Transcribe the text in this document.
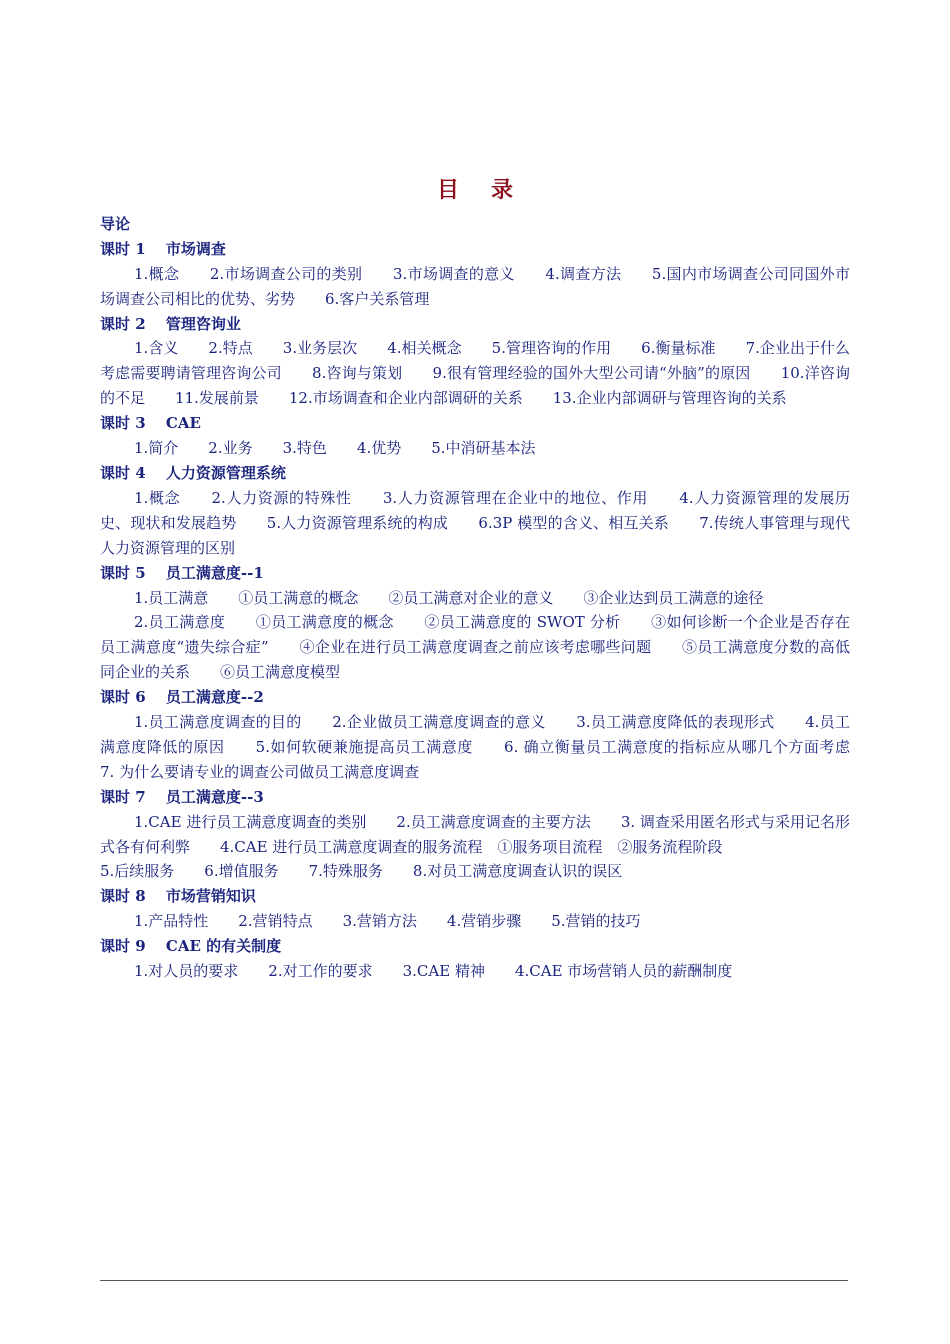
目录
导论
课时 1　 市场调查
1.概念　　2.市场调查公司的类别　　3.市场调查的意义　　4.调查方法　　5.国内市场调查公司同国外市场调查公司相比的优势、劣势　　6.客户关系管理
课时 2　 管理咨询业
1.含义　　2.特点　　3.业务层次　　4.相关概念　　5.管理咨询的作用　　6.衡量标准　　7.企业出于什么考虑需要聘请管理咨询公司　　8.咨询与策划　　9.很有管理经验的国外大型公司请“外脑”的原因　　10.洋咨询的不足　　11.发展前景　　12.市场调查和企业内部调研的关系　　13.企业内部调研与管理咨询的关系
课时 3　 CAE
1.简介　　2.业务　　3.特色　　4.优势　　5.中消研基本法
课时 4　 人力资源管理系统
1.概念　　2.人力资源的特殊性　　3.人力资源管理在企业中的地位、作用　　4.人力资源管理的发展历史、现状和发展趋势　　5.人力资源管理系统的构成　　6.3P 模型的含义、相互关系　　7.传统人事管理与现代人力资源管理的区别
课时 5　 员工满意度--1
1.员工满意　　①员工满意的概念　　②员工满意对企业的意义　　③企业达到员工满意的途径
2.员工满意度　　①员工满意度的概念　　②员工满意度的 SWOT 分析　　③如何诊断一个企业是否存在员工满意度“遗失综合症”　　④企业在进行员工满意度调查之前应该考虑哪些问题　　⑤员工满意度分数的高低同企业的关系　　⑥员工满意度模型
课时 6　 员工满意度--2
1.员工满意度调查的目的　　2.企业做员工满意度调查的意义　　3.员工满意度降低的表现形式　　4.员工满意度降低的原因　　5.如何软硬兼施提高员工满意度　　6. 确立衡量员工满意度的指标应从哪几个方面考虑　 7. 为什么要请专业的调查公司做员工满意度调查
课时 7　 员工满意度--3
1.CAE 进行员工满意度调查的类别　　2.员工满意度调查的主要方法　　3. 调查采用匿名形式与采用记名形式各有何利弊　　4.CAE 进行员工满意度调查的服务流程　①服务项目流程　②服务流程阶段
5.后续服务　　6.增值服务　　7.特殊服务　　8.对员工满意度调查认识的误区
课时 8　 市场营销知识
1.产品特性　　2.营销特点　　3.营销方法　　4.营销步骤　　5.营销的技巧
课时 9　 CAE 的有关制度
1.对人员的要求　　2.对工作的要求　　3.CAE 精神　　4.CAE 市场营销人员的薪酬制度
